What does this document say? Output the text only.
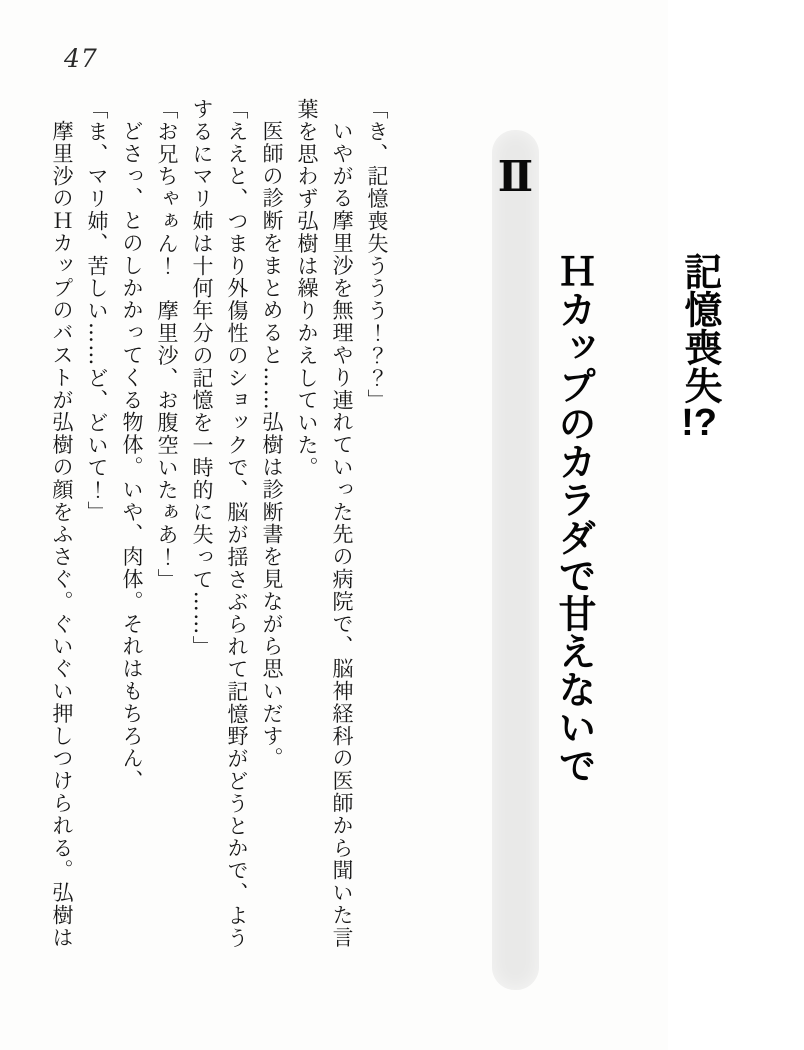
47
Ⅱ

記憶喪失!?

Ｈカップのカラダで甘えないで

「き、記憶喪失ううう！？？」

いやがる摩里沙を無理やり連れていった先の病院で、脳神経科の医師から聞いた言

葉を思わず弘樹は繰りかえしていた。

医師の診断をまとめると……弘樹は診断書を見ながら思いだす。

「ええと、つまり外傷性のショックで、脳が揺さぶられて記憶野がどうとかで、よう

するにマリ姉は十何年分の記憶を一時的に失って……」

「お兄ちゃぁん！　摩里沙、お腹空いたぁあ！」

どさっ、とのしかかってくる物体。いや、肉体。それはもちろん、

「ま、マリ姉、苦しい……ど、どいて！」

摩里沙のＨカップのバストが弘樹の顔をふさぐ。ぐいぐい押しつけられる。弘樹は
